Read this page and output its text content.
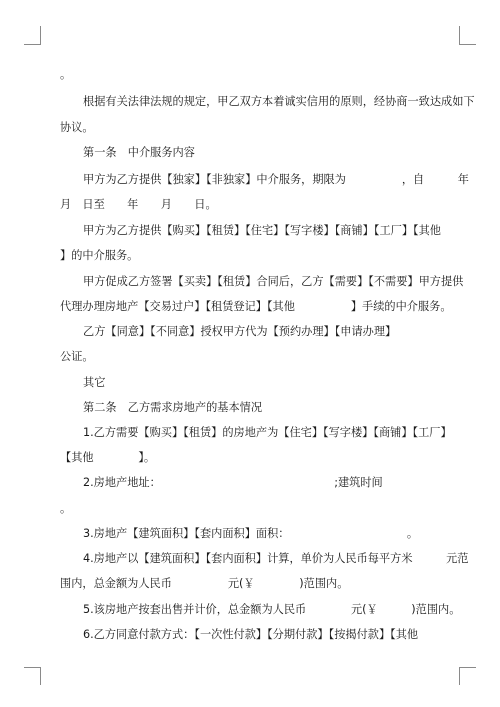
。
根据有关法律法规的规定，甲乙双方本着诚实信用的原则，经协商一致达成如下
协议。
第一条　中介服务内容
甲方为乙方提供【独家】【非独家】中介服务，期限为　　　　　，自　　　年
月　日至　　年　　月　　日。
甲方为乙方提供【购买】【租赁】【住宅】【写字楼】【商铺】【工厂】【其他
】的中介服务。
甲方促成乙方签署【买卖】【租赁】合同后，乙方【需要】【不需要】甲方提供
代理办理房地产【交易过户】【租赁登记】【其他　　　　　】手续的中介服务。
乙方【同意】【不同意】授权甲方代为【预约办理】【申请办理】
公证。
其它
第二条　乙方需求房地产的基本情况
1.乙方需要【购买】【租赁】的房地产为【住宅】【写字楼】【商铺】【工厂】
【其他　　　　】。
2.房地产地址：　　　　　　　　　　　　　　　　;建筑时间
。
3.房地产【建筑面积】【套内面积】面积：　　　　　　　　　　　。
4.房地产以【建筑面积】【套内面积】计算，单价为人民币每平方米　　　元范
围内，总金额为人民币　　　　　元(￥　　　　)范围内。
5.该房地产按套出售并计价，总金额为人民币　　　　元(￥　　　)范围内。
6.乙方同意付款方式：【一次性付款】【分期付款】【按揭付款】【其他
